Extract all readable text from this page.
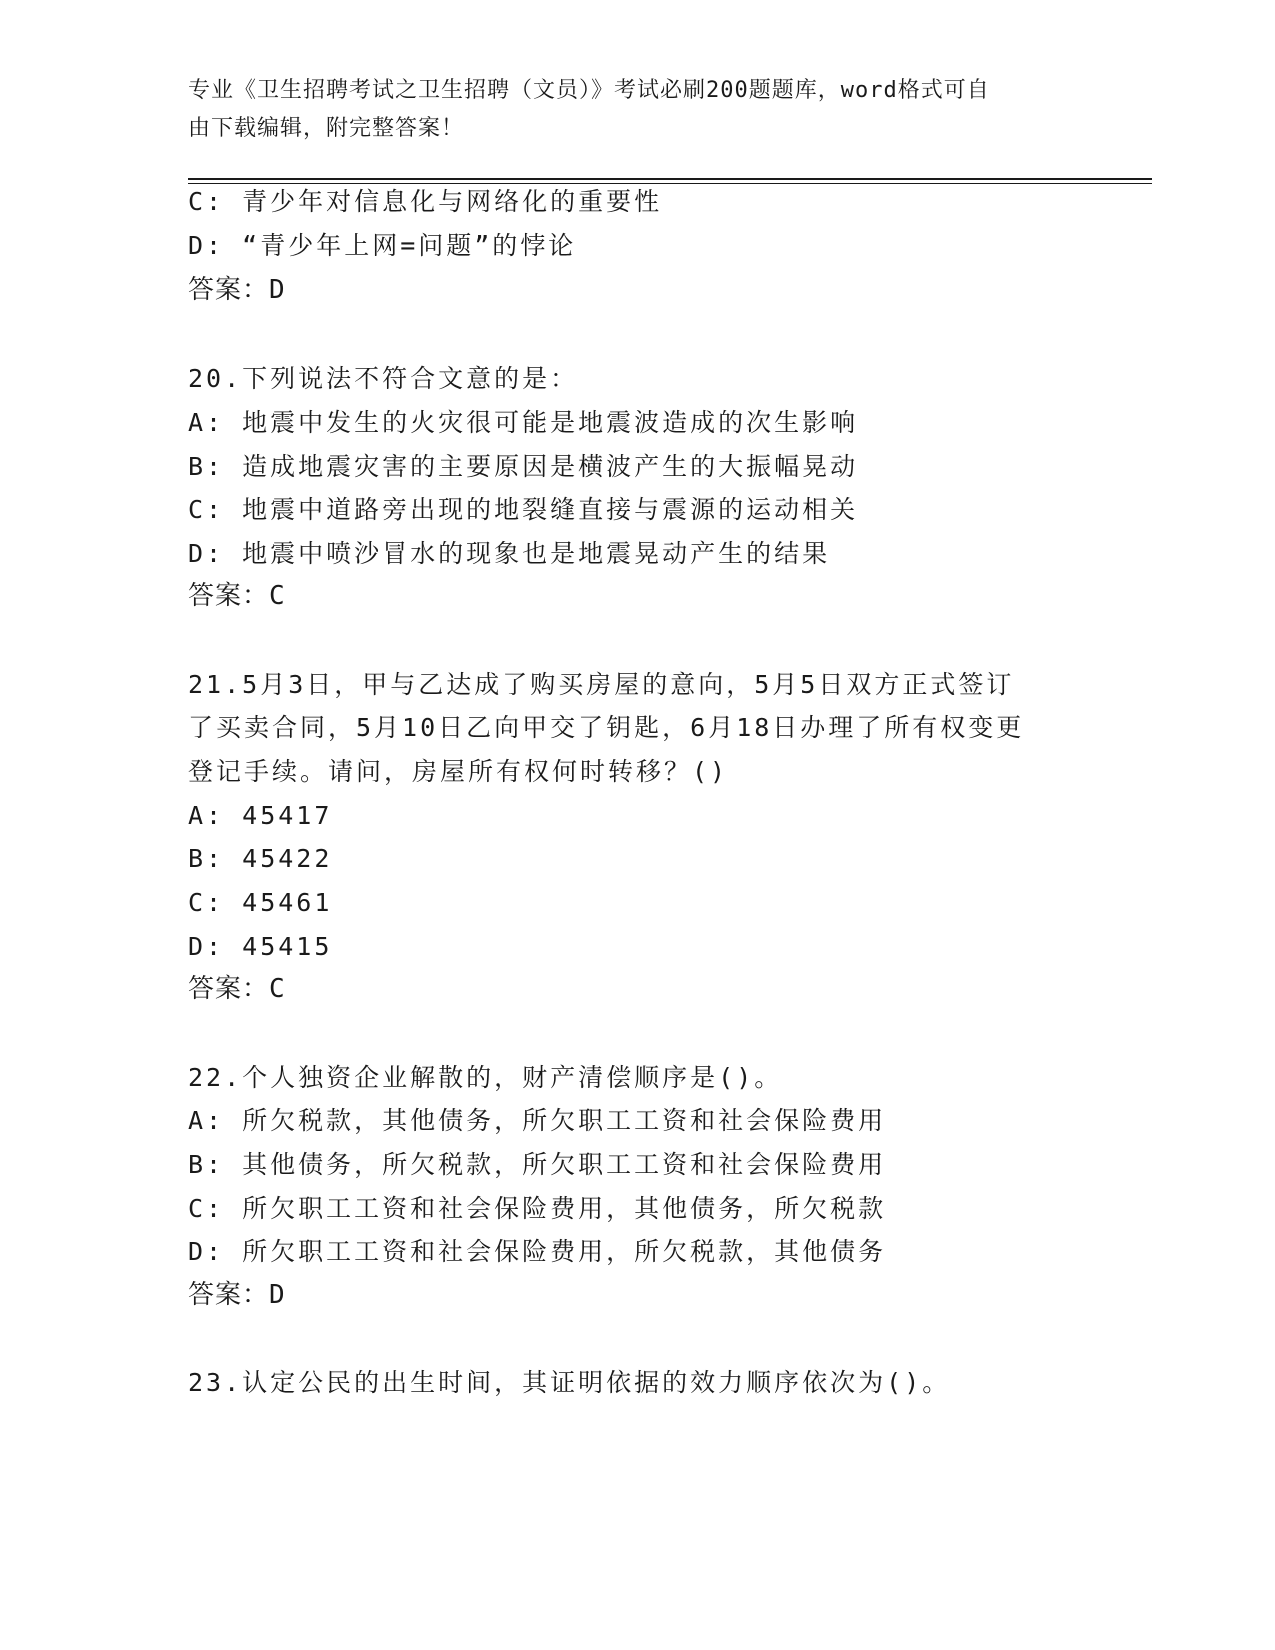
专业《卫生招聘考试之卫生招聘（文员）》考试必刷200题题库，word格式可自
由下载编辑，附完整答案！
C: 青少年对信息化与网络化的重要性
D: “青少年上网=问题”的悖论
答案：D
20.下列说法不符合文意的是：
A: 地震中发生的火灾很可能是地震波造成的次生影响
B: 造成地震灾害的主要原因是横波产生的大振幅晃动
C: 地震中道路旁出现的地裂缝直接与震源的运动相关
D: 地震中喷沙冒水的现象也是地震晃动产生的结果
答案：C
21.5月3日，甲与乙达成了购买房屋的意向，5月5日双方正式签订
了买卖合同，5月10日乙向甲交了钥匙，6月18日办理了所有权变更
登记手续。请问，房屋所有权何时转移？()
A: 45417
B: 45422
C: 45461
D: 45415
答案：C
22.个人独资企业解散的，财产清偿顺序是()。
A: 所欠税款，其他债务，所欠职工工资和社会保险费用
B: 其他债务，所欠税款，所欠职工工资和社会保险费用
C: 所欠职工工资和社会保险费用，其他债务，所欠税款
D: 所欠职工工资和社会保险费用，所欠税款，其他债务
答案：D
23.认定公民的出生时间，其证明依据的效力顺序依次为()。
